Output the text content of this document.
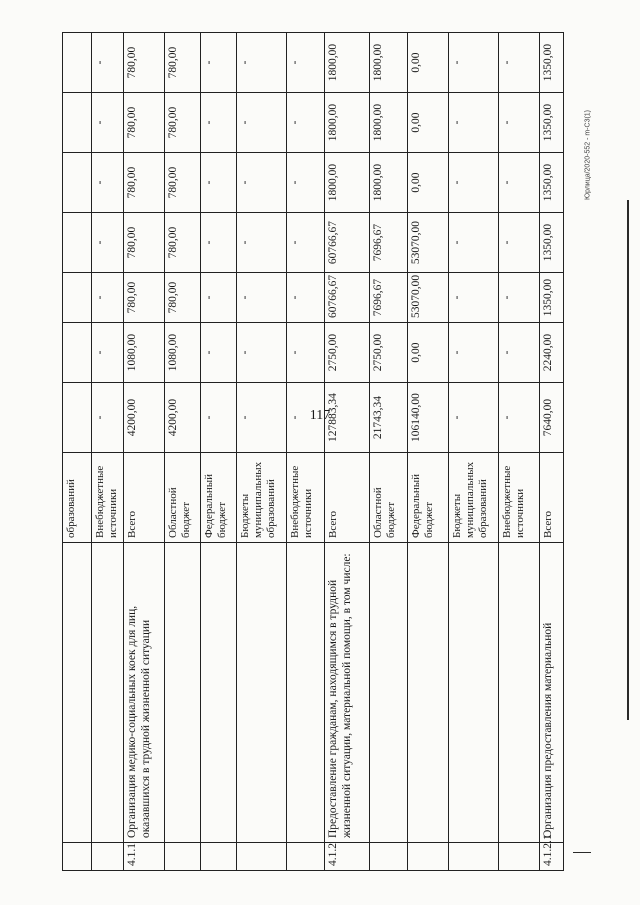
117
Юрлица/2020-552 - m-C3(1)
		образований							
		Внебюджетные источники	-	-	-	-	-	-	-
4.1.1	Организация медико-социальных коек для лиц, оказавшихся в трудной жизненной ситуации	Всего	4200,00	1080,00	780,00	780,00	780,00	780,00	780,00
		Областной бюджет	4200,00	1080,00	780,00	780,00	780,00	780,00	780,00
		Федеральный бюджет	-	-	-	-	-	-	-
		Бюджеты муниципальных образований	-	-	-	-	-	-	-
		Внебюджетные источники	-	-	-	-	-	-	-
4.1.2	Предоставление гражданам, находящимся в трудной жизненной ситуации, материальной помощи, в том числе:	Всего	127883,34	2750,00	60766,67	60766,67	1800,00	1800,00	1800,00
		Областной бюджет	21743,34	2750,00	7696,67	7696,67	1800,00	1800,00	1800,00
		Федеральный бюджет	106140,00	0,00	53070,00	53070,00	0,00	0,00	0,00
		Бюджеты муниципальных образований	-	-	-	-	-	-	-
		Внебюджетные источники	-	-	-	-	-	-	-
4.1.2.1	Организация предоставления материальной	Всего	7640,00	2240,00	1350,00	1350,00	1350,00	1350,00	1350,00
